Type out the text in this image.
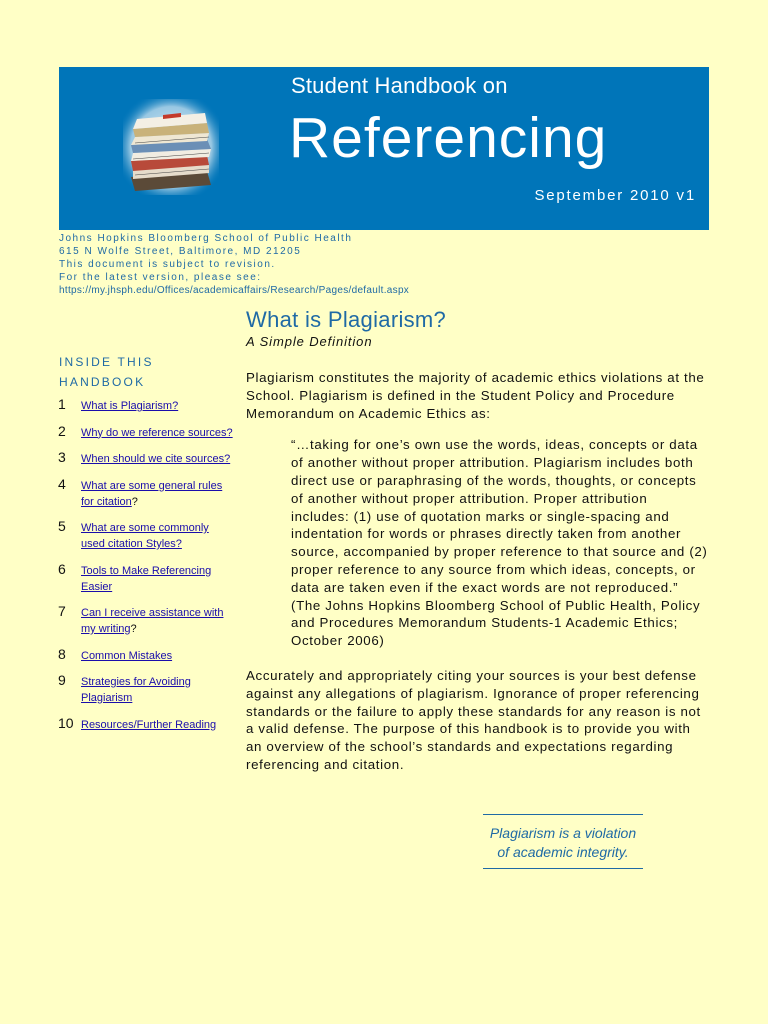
Student Handbook on
Referencing
September 2010 v1
Johns Hopkins Bloomberg School of Public Health
615 N Wolfe Street, Baltimore, MD 21205
This document is subject to revision.
For the latest version, please see:
https://my.jhsph.edu/Offices/academicaffairs/Research/Pages/default.aspx
INSIDE THIS
HANDBOOK
1	What is Plagiarism?
2	Why do we reference sources?
3	When should we cite sources?
4	What are some general rules for citation?
5	What are some commonly used citation Styles?
6	Tools to Make Referencing Easier
7	Can I receive assistance with my writing?
8	Common Mistakes
9	Strategies for Avoiding Plagiarism
10 Resources/Further Reading
What is Plagiarism?
A Simple Definition

Plagiarism constitutes the majority of academic ethics violations at the School. Plagiarism is defined in the Student Policy and Procedure Memorandum on Academic Ethics as:

“…taking for one’s own use the words, ideas, concepts or data of another without proper attribution. Plagiarism includes both direct use or paraphrasing of the words, thoughts, or concepts of another without proper attribution. Proper attribution includes: (1) use of quotation marks or single-spacing and indentation for words or phrases directly taken from another source, accompanied by proper reference to that source and (2) proper reference to any source from which ideas, concepts, or data are taken even if the exact words are not reproduced.” (The Johns Hopkins Bloomberg School of Public Health, Policy and Procedures Memorandum Students-1 Academic Ethics; October 2006)

Accurately and appropriately citing your sources is your best defense against any allegations of plagiarism. Ignorance of proper referencing standards or the failure to apply these standards for any reason is not a valid defense. The purpose of this handbook is to provide you with an overview of the school’s standards and expectations regarding referencing and citation.

Plagiarism is a violation
of academic integrity.
